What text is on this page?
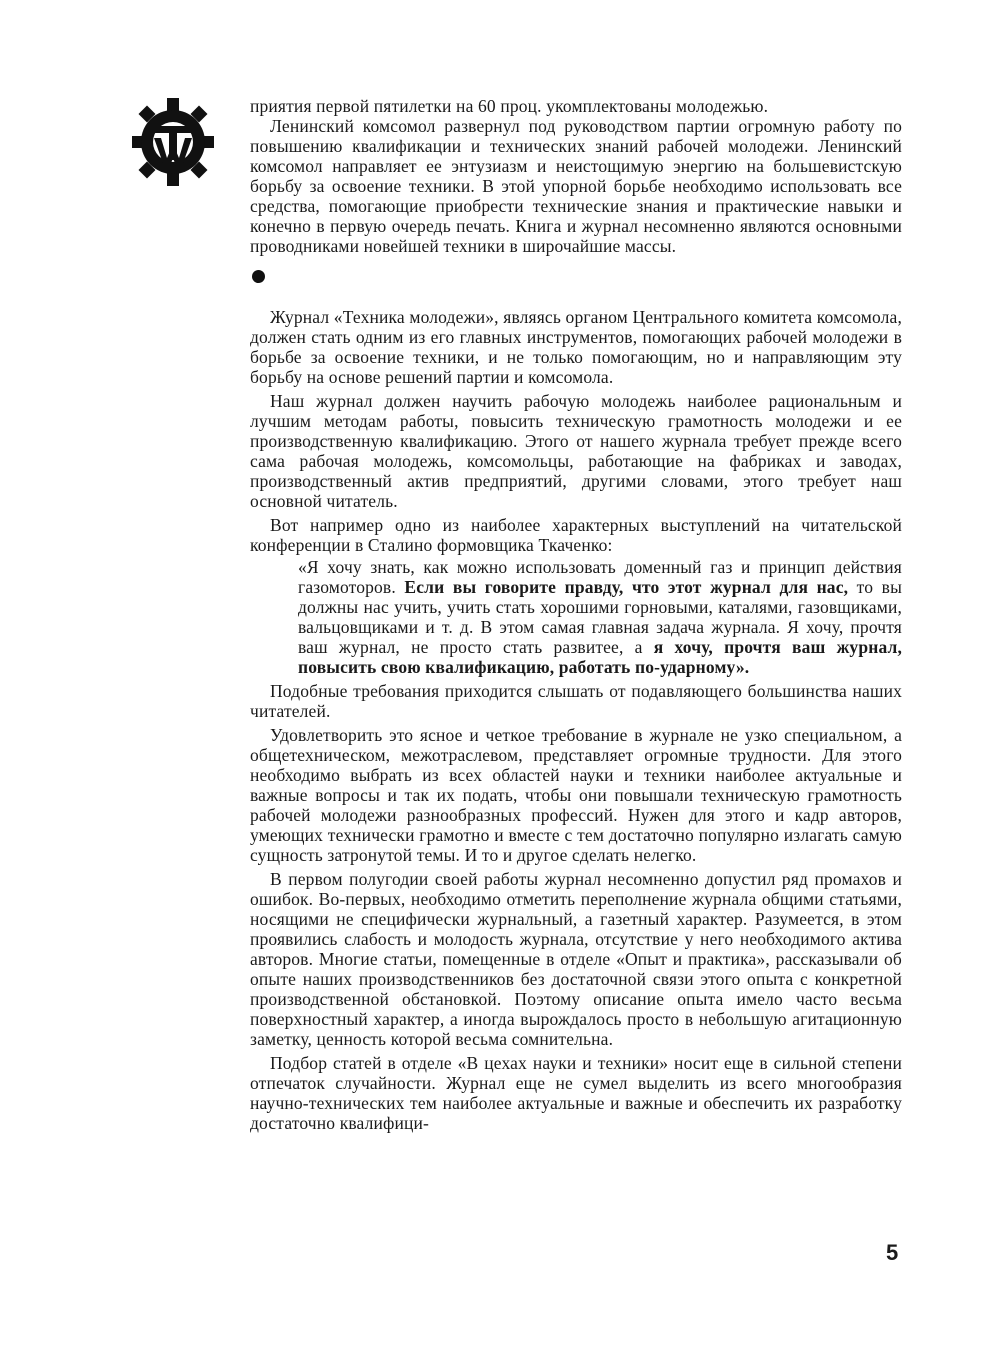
приятия первой пятилетки на 60 проц. укомплектованы молодежью.

Ленинский комсомол развернул под руководством партии огромную работу по повышению квалификации и технических знаний рабочей молодежи. Ленинский комсомол направляет ее энтузиазм и неистощимую энергию на большевистскую борьбу за освоение техники. В этой упорной борьбе необходимо использовать все средства, помогающие приобрести технические знания и практические навыки и конечно в первую очередь печать. Книга и журнал несомненно являются основными проводниками новейшей техники в широчайшие массы.

Журнал «Техника молодежи», являясь органом Центрального комитета комсомола, должен стать одним из его главных инструментов, помогающих рабочей молодежи в борьбе за освоение техники, и не только помогающим, но и направляющим эту борьбу на основе решений партии и комсомола.

Наш журнал должен научить рабочую молодежь наиболее рациональным и лучшим методам работы, повысить техническую грамотность молодежи и ее производственную квалификацию. Этого от нашего журнала требует прежде всего сама рабочая молодежь, комсомольцы, работающие на фабриках и заводах, производственный актив предприятий, другими словами, этого требует наш основной читатель.

Вот например одно из наиболее характерных выступлений на читательской конференции в Сталино формовщика Ткаченко:

«Я хочу знать, как можно использовать доменный газ и принцип действия газомоторов. Если вы говорите правду, что этот журнал для нас, то вы должны нас учить, учить стать хорошими горновыми, каталями, газовщиками, вальцовщиками и т. д. В этом самая главная задача журнала. Я хочу, прочтя ваш журнал, не просто стать развитее, а я хочу, прочтя ваш журнал, повысить свою квалификацию, работать по-ударному».

Подобные требования приходится слышать от подавляющего большинства наших читателей.

Удовлетворить это ясное и четкое требование в журнале не узко специальном, а общетехническом, межотраслевом, представляет огромные трудности. Для этого необходимо выбрать из всех областей науки и техники наиболее актуальные и важные вопросы и так их подать, чтобы они повышали техническую грамотность рабочей молодежи разнообразных профессий. Нужен для этого и кадр авторов, умеющих технически грамотно и вместе с тем достаточно популярно излагать самую сущность затронутой темы. И то и другое сделать нелегко.

В первом полугодии своей работы журнал несомненно допустил ряд промахов и ошибок. Во-первых, необходимо отметить переполнение журнала общими статьями, носящими не специфически журнальный, а газетный характер. Разумеется, в этом проявились слабость и молодость журнала, отсутствие у него необходимого актива авторов. Многие статьи, помещенные в отделе «Опыт и практика», рассказывали об опыте наших производственников без достаточной связи этого опыта с конкретной производственной обстановкой. Поэтому описание опыта имело часто весьма поверхностный характер, а иногда вырождалось просто в небольшую агитационную заметку, ценность которой весьма сомнительна.

Подбор статей в отделе «В цехах науки и техники» носит еще в сильной степени отпечаток случайности. Журнал еще не сумел выделить из всего многообразия научно-технических тем наиболее актуальные и важные и обеспечить их разработку достаточно квалифици-

5
